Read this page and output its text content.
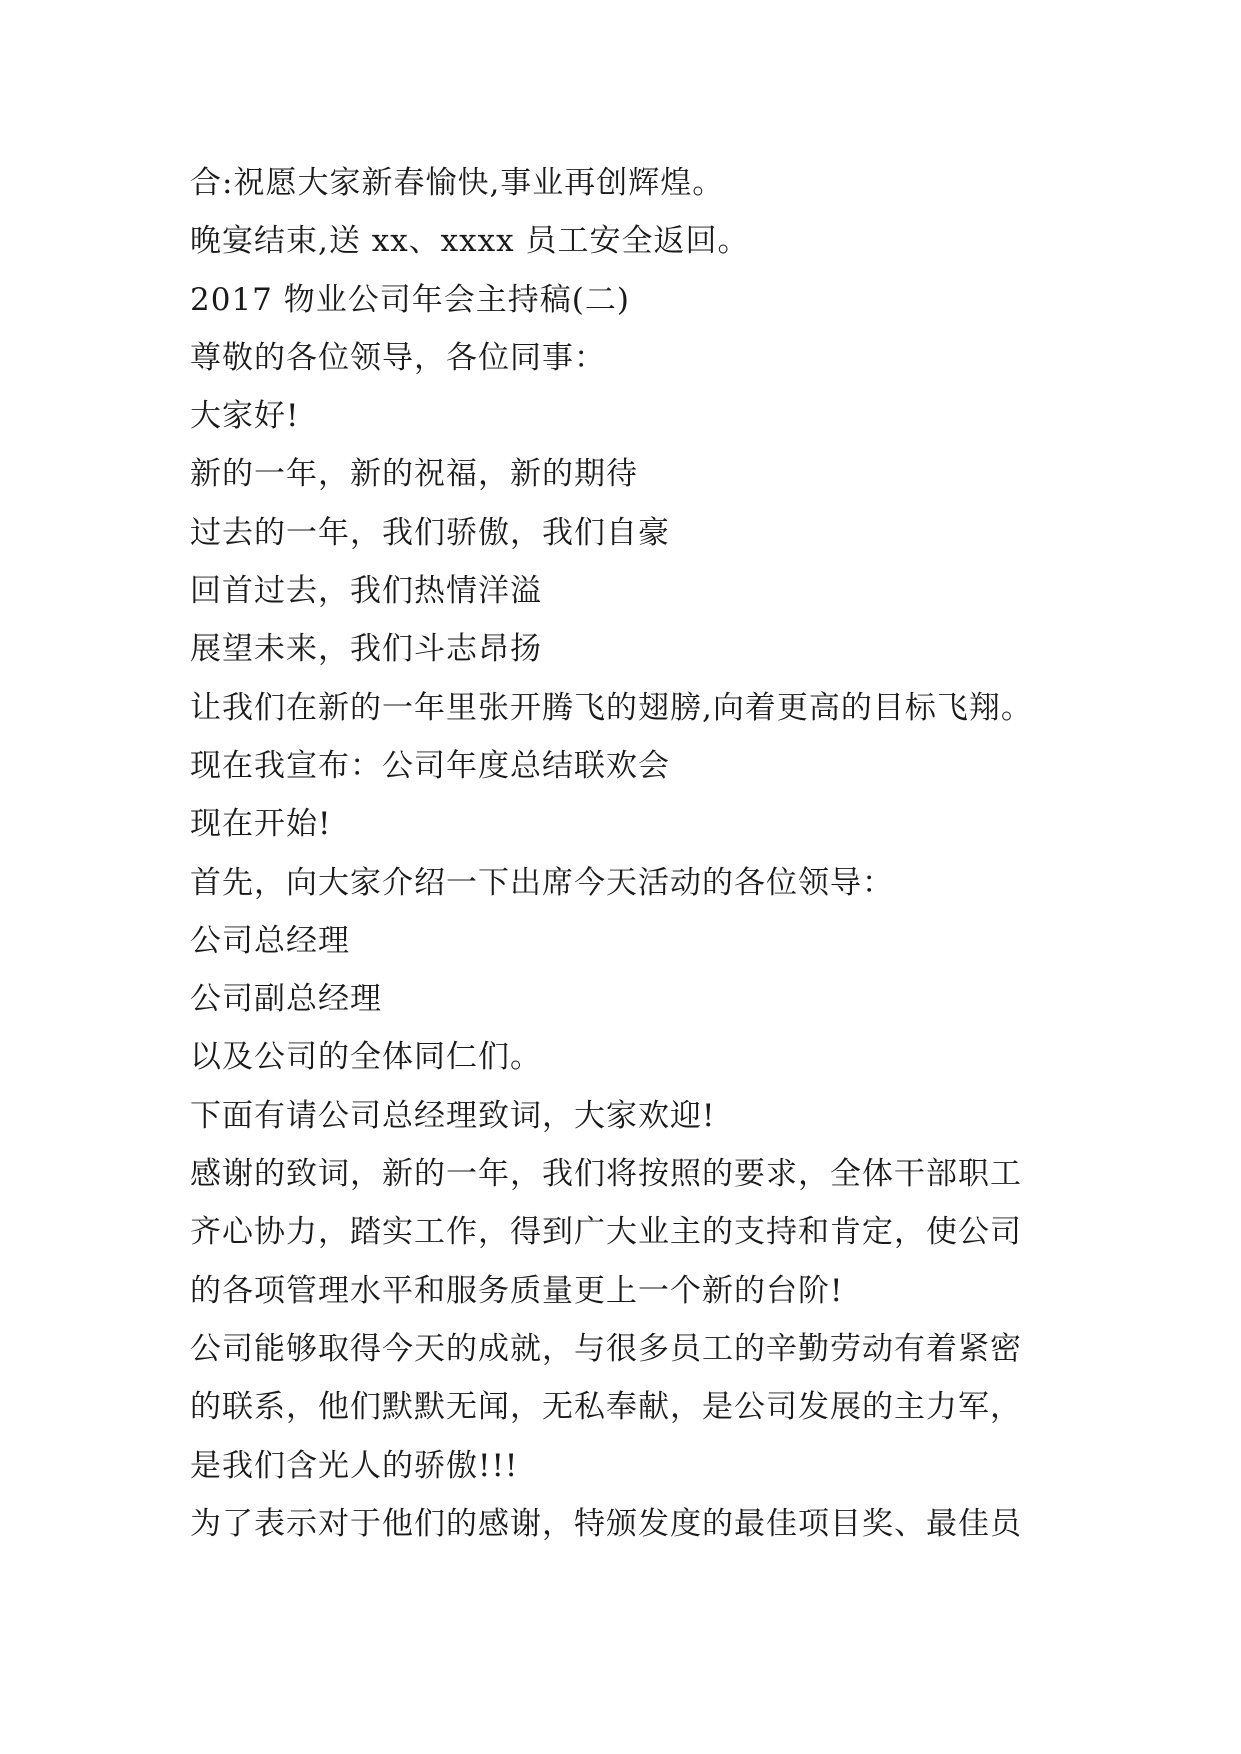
合:祝愿大家新春愉快,事业再创辉煌。
晚宴结束,送 xx、xxxx 员工安全返回。
2017 物业公司年会主持稿(二)
尊敬的各位领导，各位同事：
大家好!
新的一年，新的祝福，新的期待
过去的一年，我们骄傲，我们自豪
回首过去，我们热情洋溢
展望未来，我们斗志昂扬
让我们在新的一年里张开腾飞的翅膀,向着更高的目标飞翔。
现在我宣布：公司年度总结联欢会
现在开始!
首先，向大家介绍一下出席今天活动的各位领导：
公司总经理
公司副总经理
以及公司的全体同仁们。
下面有请公司总经理致词，大家欢迎!
感谢的致词，新的一年，我们将按照的要求，全体干部职工
齐心协力，踏实工作，得到广大业主的支持和肯定，使公司
的各项管理水平和服务质量更上一个新的台阶!
公司能够取得今天的成就，与很多员工的辛勤劳动有着紧密
的联系，他们默默无闻，无私奉献，是公司发展的主力军，
是我们含光人的骄傲!!!
为了表示对于他们的感谢，特颁发度的最佳项目奖、最佳员
